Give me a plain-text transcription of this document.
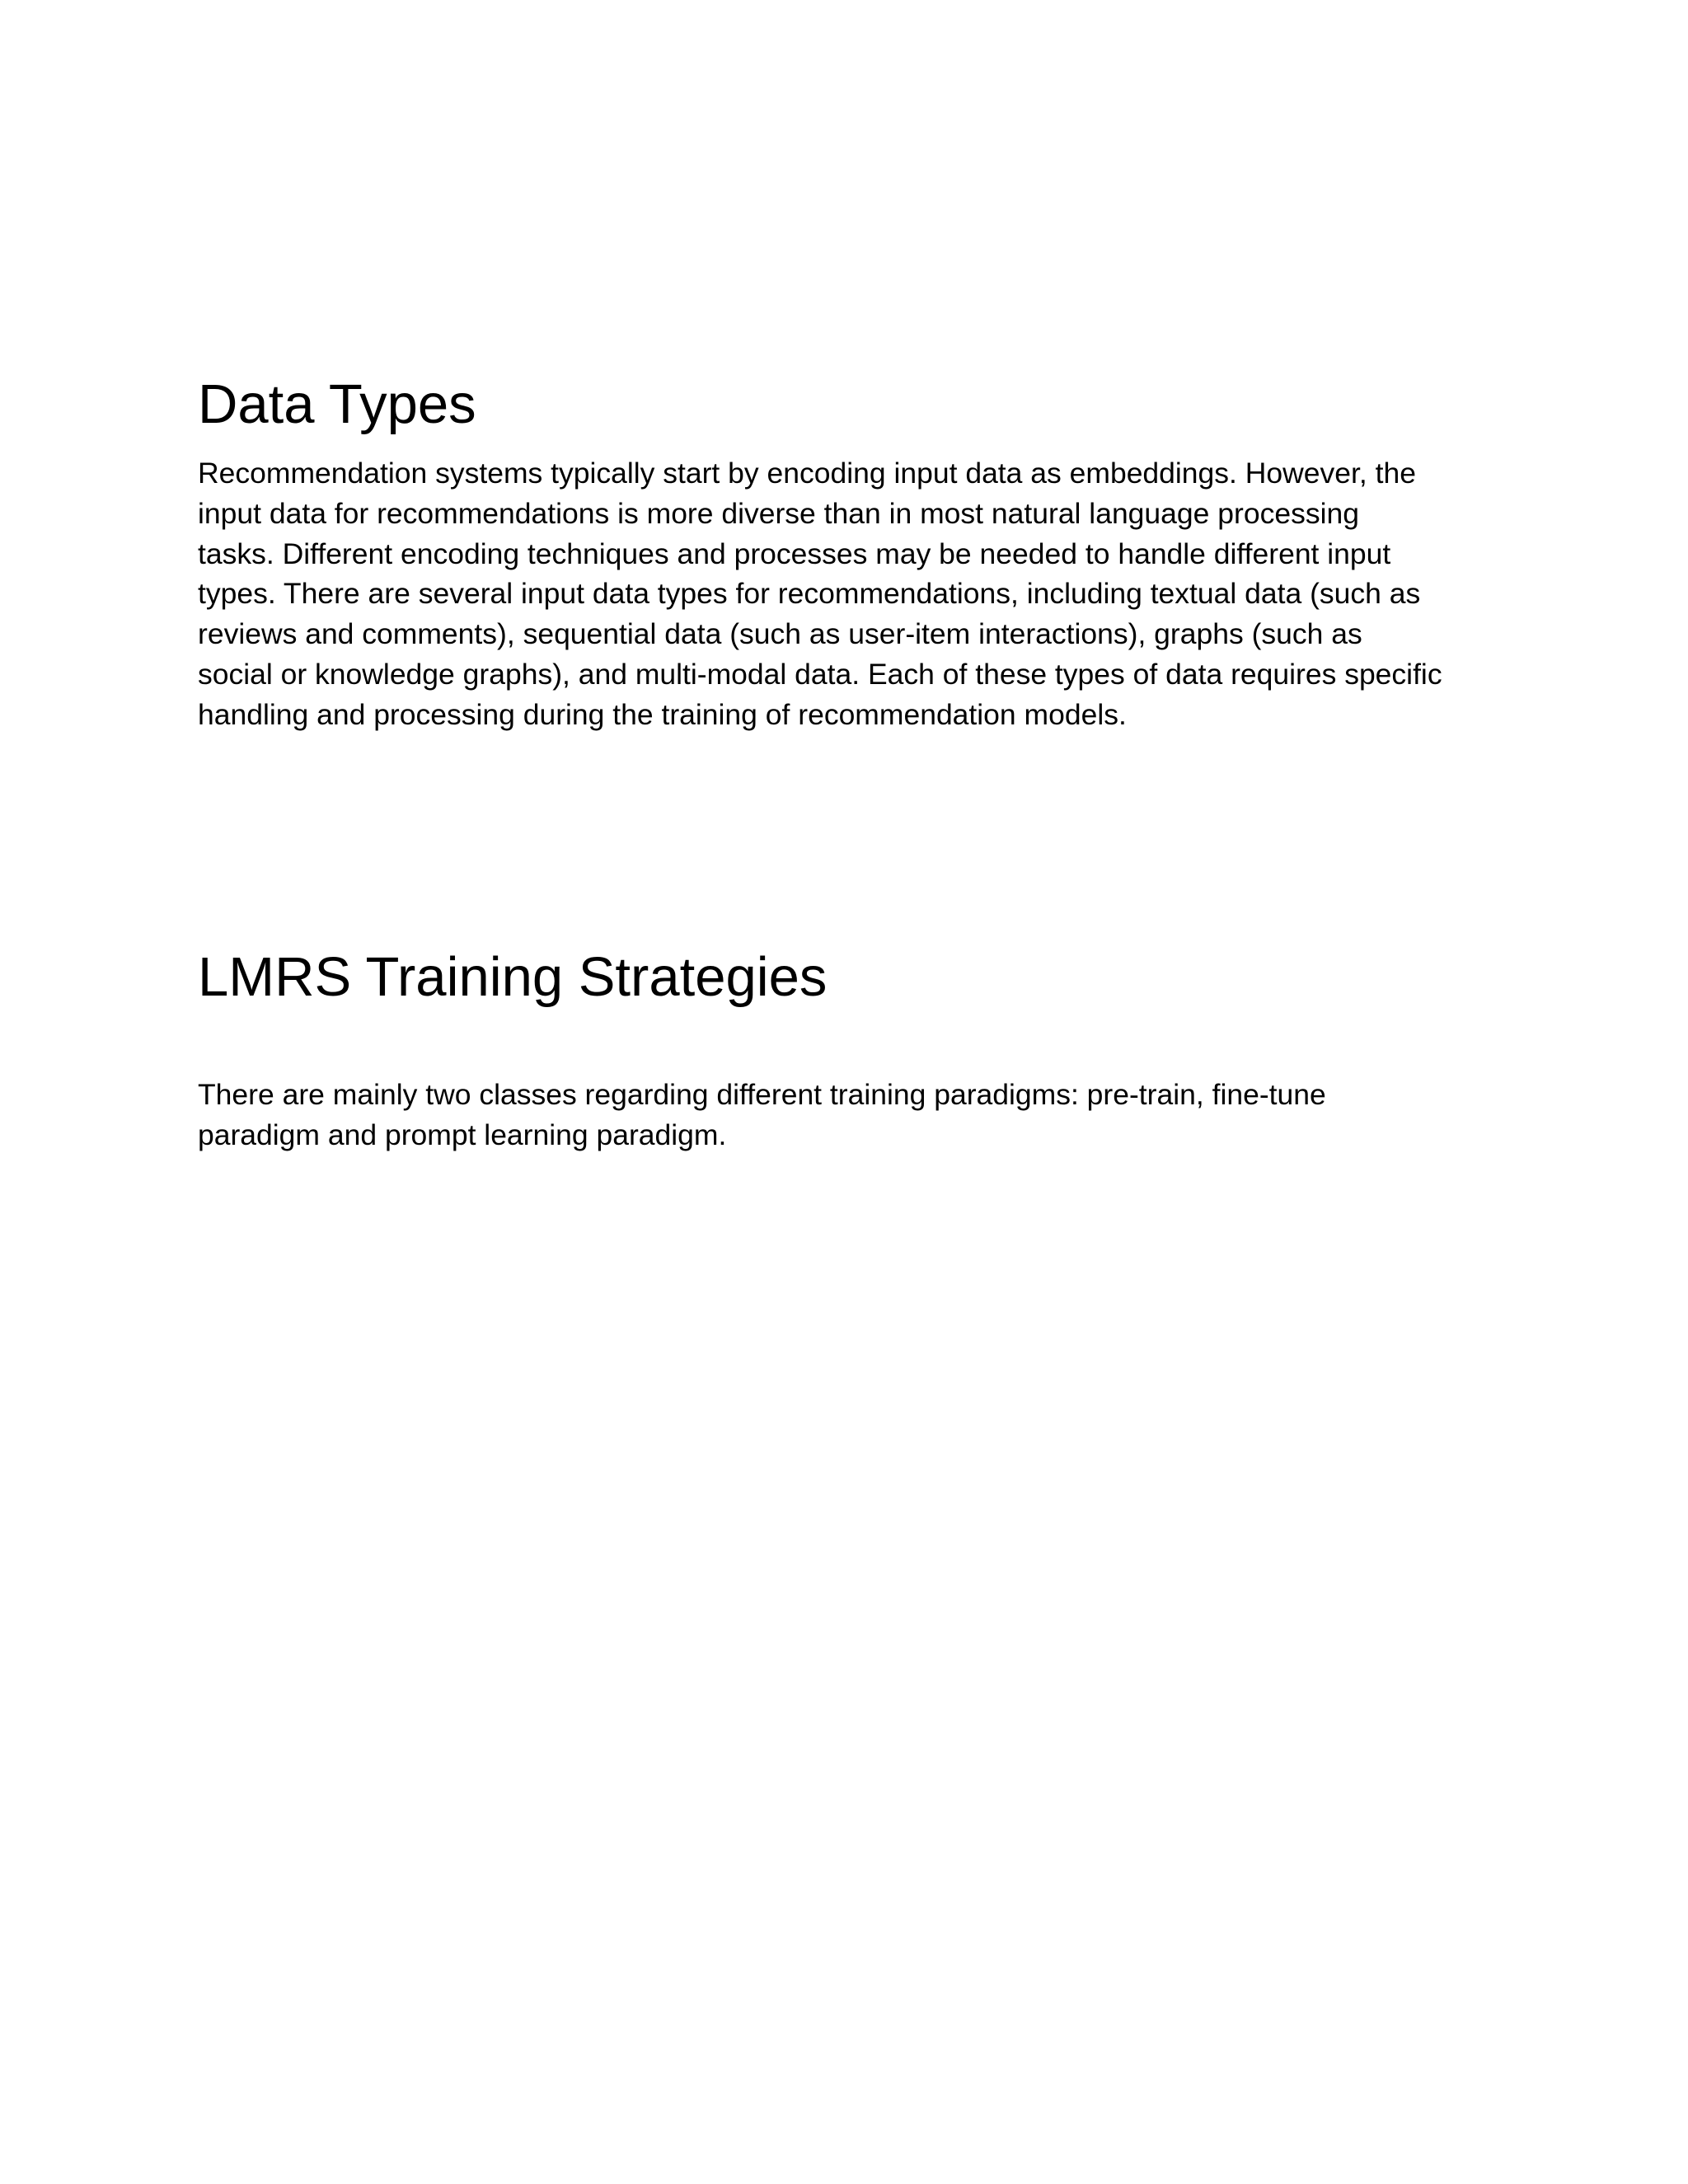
Data Types

Recommendation systems typically start by encoding input data as embeddings. However, the
input data for recommendations is more diverse than in most natural language processing
tasks. Different encoding techniques and processes may be needed to handle different input
types. There are several input data types for recommendations, including textual data (such as
reviews and comments), sequential data (such as user-item interactions), graphs (such as
social or knowledge graphs), and multi-modal data. Each of these types of data requires specific
handling and processing during the training of recommendation models.

LMRS Training Strategies

There are mainly two classes regarding different training paradigms: pre-train, fine-tune
paradigm and prompt learning paradigm.
